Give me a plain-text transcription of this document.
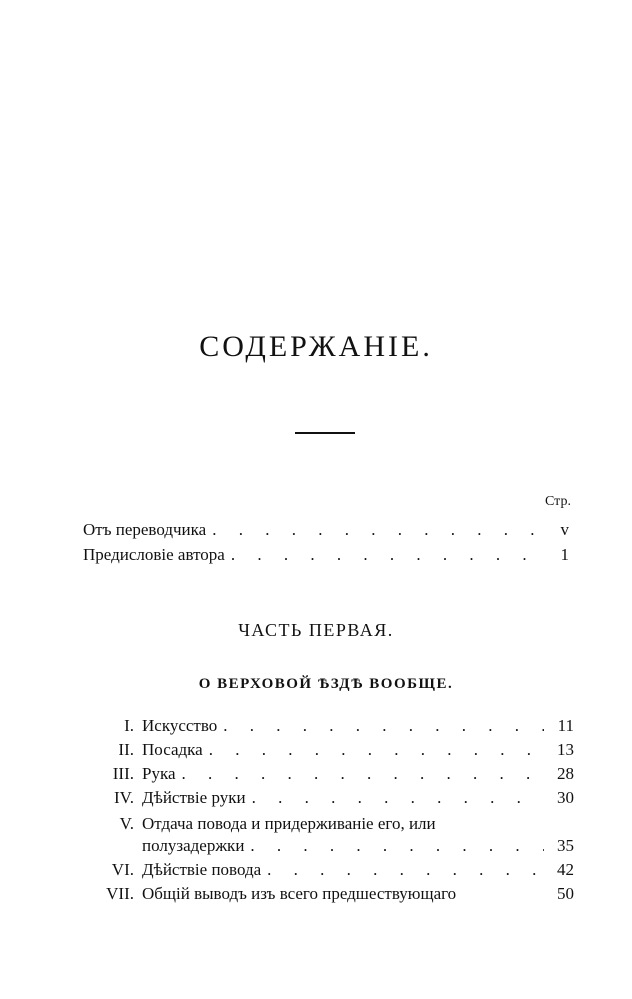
СОДЕРЖАНІЕ.
Стр.
Отъ переводчика . . .	v
Предисловіе автора . . .	1
ЧАСТЬ ПЕРВАЯ.
О ВЕРХОВОЙ ѢЗДѢ ВООБЩЕ.
I. Искусство . . .	11
II. Посадка . . .	13
III. Рука . . .	28
IV. Дѣйствіе руки . . .	30
V. Отдача повода и придерживаніе его, или
полузадержки . . .	35
VI. Дѣйствіе повода . . .	42
VII. Общій выводъ изъ всего предшествующаго	50
